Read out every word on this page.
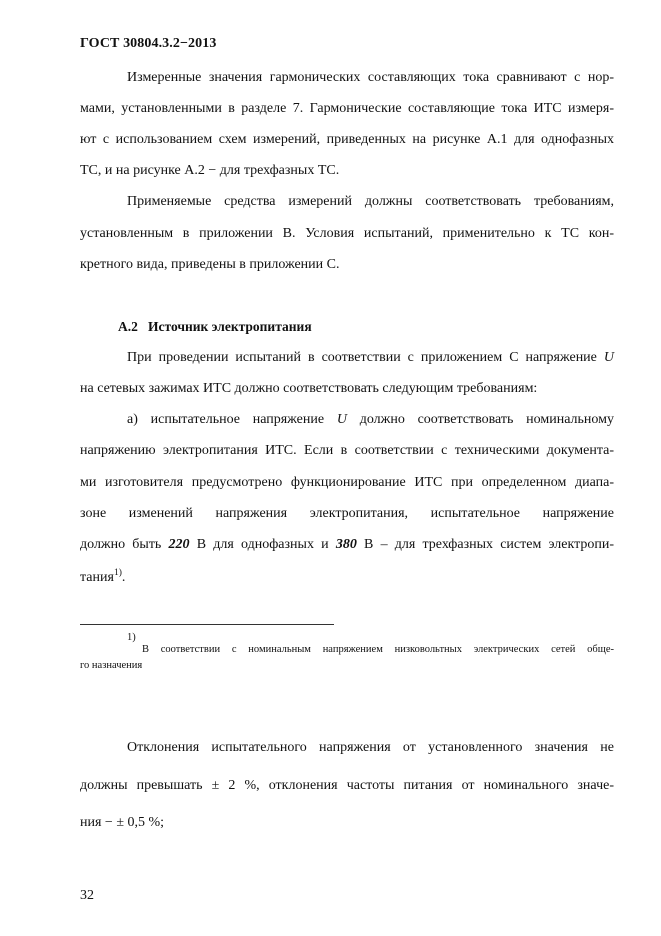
ГОСТ 30804.3.2−2013
Измеренные значения гармонических составляющих тока сравнивают с нор-
мами, установленными в разделе 7. Гармонические составляющие тока ИТС измеря-
ют с использованием схем измерений, приведенных на рисунке А.1 для однофазных
ТС, и на рисунке А.2 − для трехфазных ТС.
Применяемые средства измерений должны соответствовать требованиям,
установленным в приложении В. Условия испытаний, применительно к ТС кон-
кретного вида, приведены в приложении С.
А.2 Источник электропитания
При проведении испытаний в соответствии с приложением С напряжение U
на сетевых зажимах ИТС должно соответствовать следующим требованиям:
а) испытательное напряжение U должно соответствовать номинальному
напряжению электропитания ИТС. Если в соответствии с техническими документа-
ми изготовителя предусмотрено функционирование ИТС при определенном диапа-
зоне изменений напряжения электропитания, испытательное напряжение
должно быть 220 В для однофазных и 380 В – для трехфазных систем электропи-
тания$^{1)}$.
1)
В соответствии с номинальным напряжением низковольтных электрических сетей обще-
го назначения
Отклонения испытательного напряжения от установленного значения не
должны превышать ± 2 %, отклонения частоты питания от номинального значе-
ния − ± 0,5 %;
32
